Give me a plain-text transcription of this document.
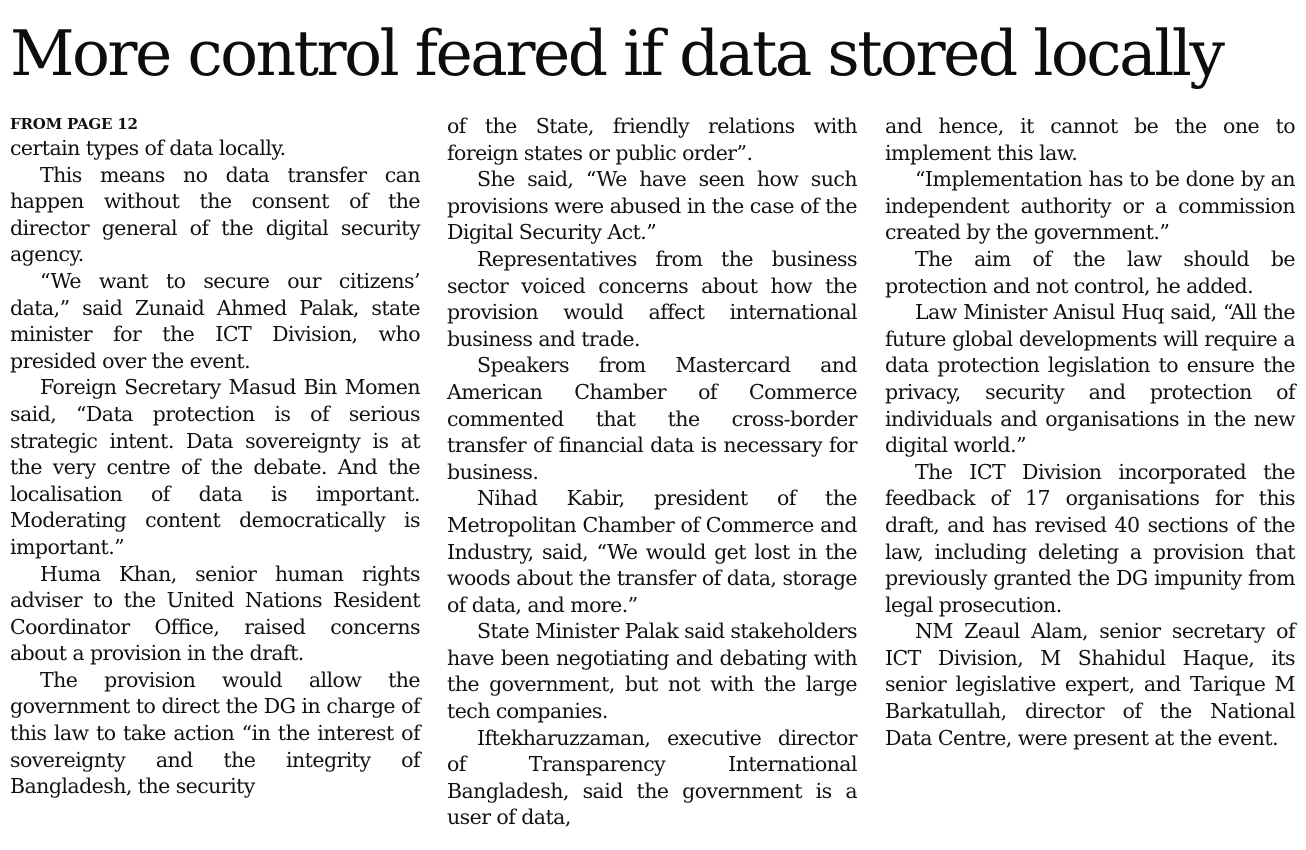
More control feared if data stored locally
FROM PAGE 12

certain types of data locally.

This means no data transfer can happen without the consent of the director general of the digital security agency.

“We want to secure our citizens’ data,” said Zunaid Ahmed Palak, state minister for the ICT Division, who presided over the event.

Foreign Secretary Masud Bin Momen said, “Data protection is of serious strategic intent. Data sovereignty is at the very centre of the debate. And the localisation of data is important. Moderating content democratically is important.”

Huma Khan, senior human rights adviser to the United Nations Resident Coordinator Office, raised concerns about a provision in the draft.

The provision would allow the government to direct the DG in charge of this law to take action “in the interest of sovereignty and the integrity of Bangladesh, the security

of the State, friendly relations with foreign states or public order”.

She said, “We have seen how such provisions were abused in the case of the Digital Security Act.”

Representatives from the business sector voiced concerns about how the provision would affect international business and trade.

Speakers from Mastercard and American Chamber of Commerce commented that the cross-border transfer of financial data is necessary for business.

Nihad Kabir, president of the Metropolitan Chamber of Commerce and Industry, said, “We would get lost in the woods about the transfer of data, storage of data, and more.”

State Minister Palak said stakeholders have been negotiating and debating with the government, but not with the large tech companies.

Iftekharuzzaman, executive director of Transparency International Bangladesh, said the government is a user of data,

and hence, it cannot be the one to implement this law.

“Implementation has to be done by an independent authority or a commission created by the government.”

The aim of the law should be protection and not control, he added.

Law Minister Anisul Huq said, “All the future global developments will require a data protection legislation to ensure the privacy, security and protection of individuals and organisations in the new digital world.”

The ICT Division incorporated the feedback of 17 organisations for this draft, and has revised 40 sections of the law, including deleting a provision that previously granted the DG impunity from legal prosecution.

NM Zeaul Alam, senior secretary of ICT Division, M Shahidul Haque, its senior legislative expert, and Tarique M Barkatullah, director of the National Data Centre, were present at the event.
